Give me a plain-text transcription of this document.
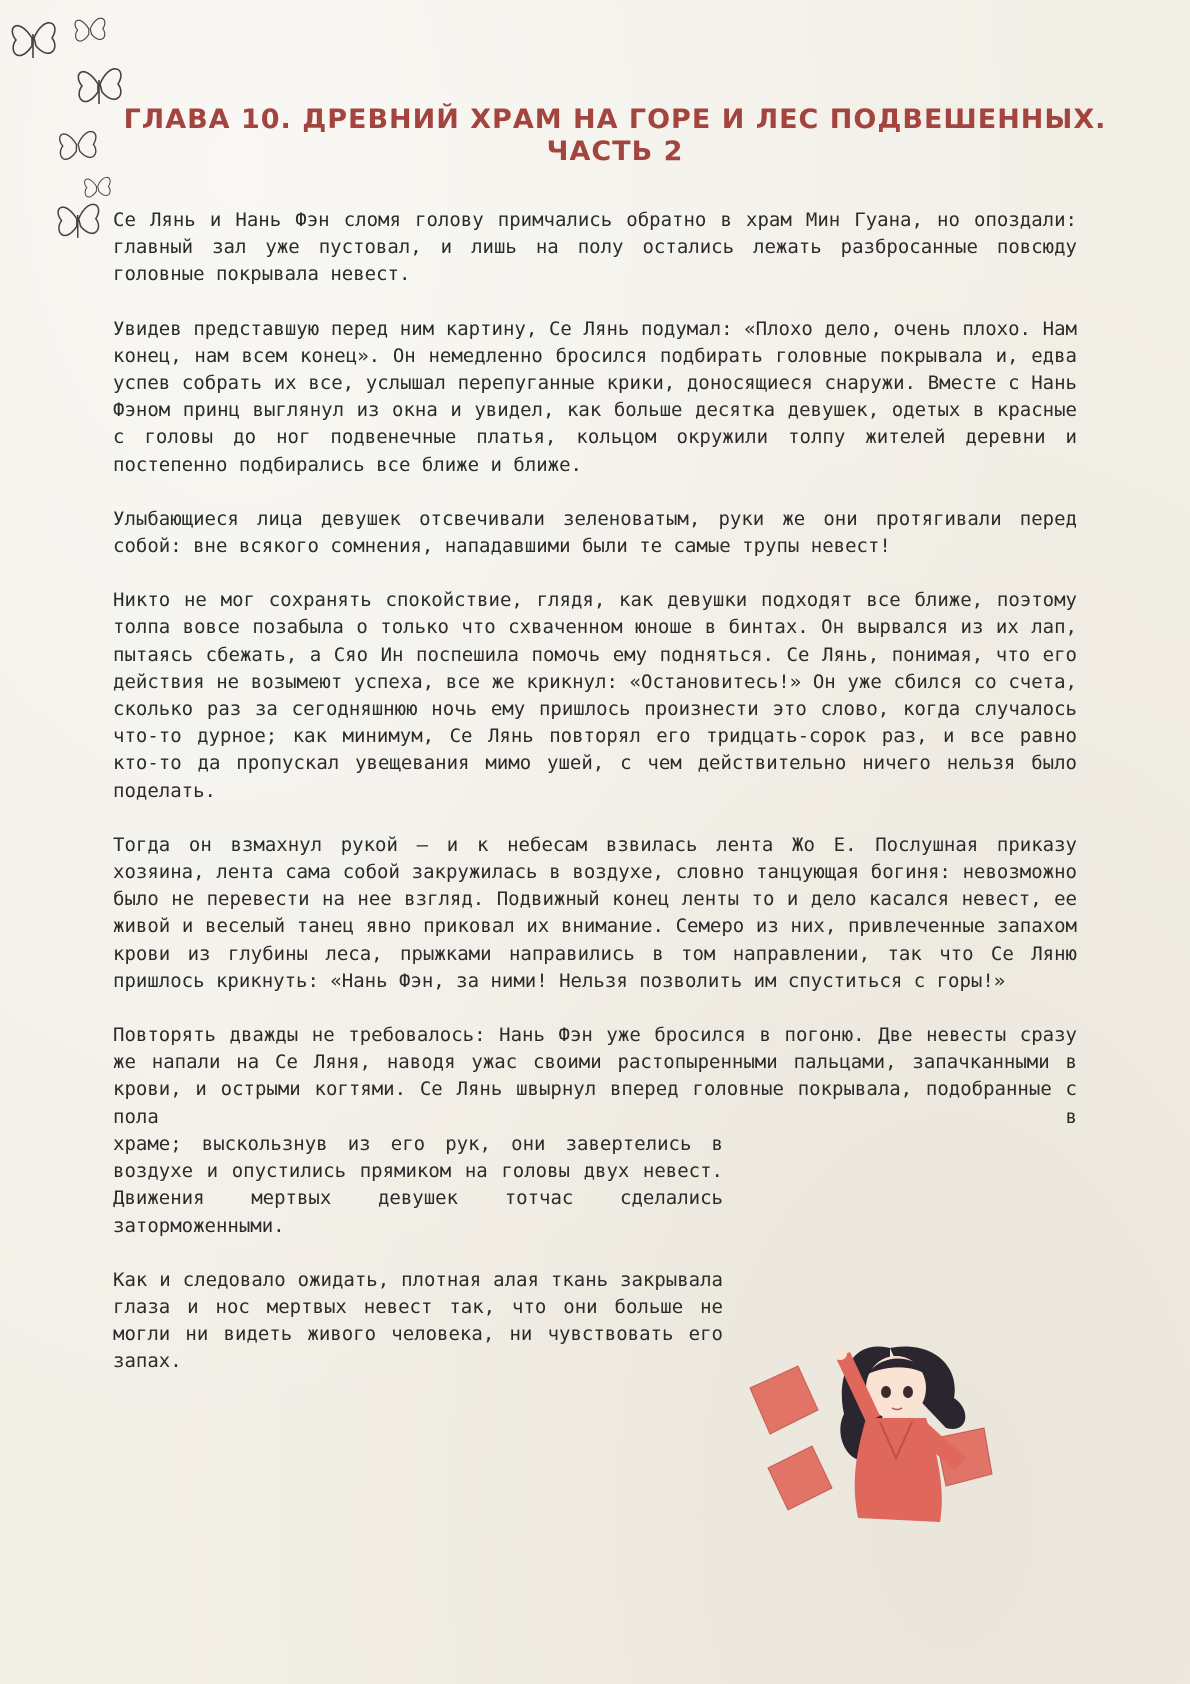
ГЛАВА 10. ДРЕВНИЙ ХРАМ НА ГОРЕ И ЛЕС ПОДВЕШЕННЫХ.
ЧАСТЬ 2

Се Лянь и Нань Фэн сломя голову примчались обратно в храм Мин Гуана, но опоздали: главный зал уже пустовал, и лишь на полу остались лежать разбросанные повсюду головные покрывала невест.

Увидев представшую перед ним картину, Се Лянь подумал: «Плохо дело, очень плохо. Нам конец, нам всем конец». Он немедленно бросился подбирать головные покрывала и, едва успев собрать их все, услышал перепуганные крики, доносящиеся снаружи. Вместе с Нань Фэном принц выглянул из окна и увидел, как больше десятка девушек, одетых в красные с головы до ног подвенечные платья, кольцом окружили толпу жителей деревни и постепенно подбирались все ближе и ближе.

Улыбающиеся лица девушек отсвечивали зеленоватым, руки же они протягивали перед собой: вне всякого сомнения, нападавшими были те самые трупы невест!

Никто не мог сохранять спокойствие, глядя, как девушки подходят все ближе, поэтому толпа вовсе позабыла о только что схваченном юноше в бинтах. Он вырвался из их лап, пытаясь сбежать, а Сяо Ин поспешила помочь ему подняться. Се Лянь, понимая, что его действия не возымеют успеха, все же крикнул: «Остановитесь!» Он уже сбился со счета, сколько раз за сегодняшнюю ночь ему пришлось произнести это слово, когда случалось что-то дурное; как минимум, Се Лянь повторял его тридцать-сорок раз, и все равно кто-то да пропускал увещевания мимо ушей, с чем действительно ничего нельзя было поделать.

Тогда он взмахнул рукой — и к небесам взвилась лента Жо Е. Послушная приказу хозяина, лента сама собой закружилась в воздухе, словно танцующая богиня: невозможно было не перевести на нее взгляд. Подвижный конец ленты то и дело касался невест, ее живой и веселый танец явно приковал их внимание. Семеро из них, привлеченные запахом крови из глубины леса, прыжками направились в том направлении, так что Се Ляню пришлось крикнуть: «Нань Фэн, за ними! Нельзя позволить им спуститься с горы!»

Повторять дважды не требовалось: Нань Фэн уже бросился в погоню. Две невесты сразу же напали на Се Ляня, наводя ужас своими растопыренными пальцами, запачканными в крови, и острыми когтями. Се Лянь швырнул вперед головные покрывала, подобранные с пола в

храме; выскользнув из его рук, они завертелись в воздухе и опустились прямиком на головы двух невест. Движения мертвых девушек тотчас сделались заторможенными.

Как и следовало ожидать, плотная алая ткань закрывала глаза и нос мертвых невест так, что они больше не могли ни видеть живого человека, ни чувствовать его запах.
